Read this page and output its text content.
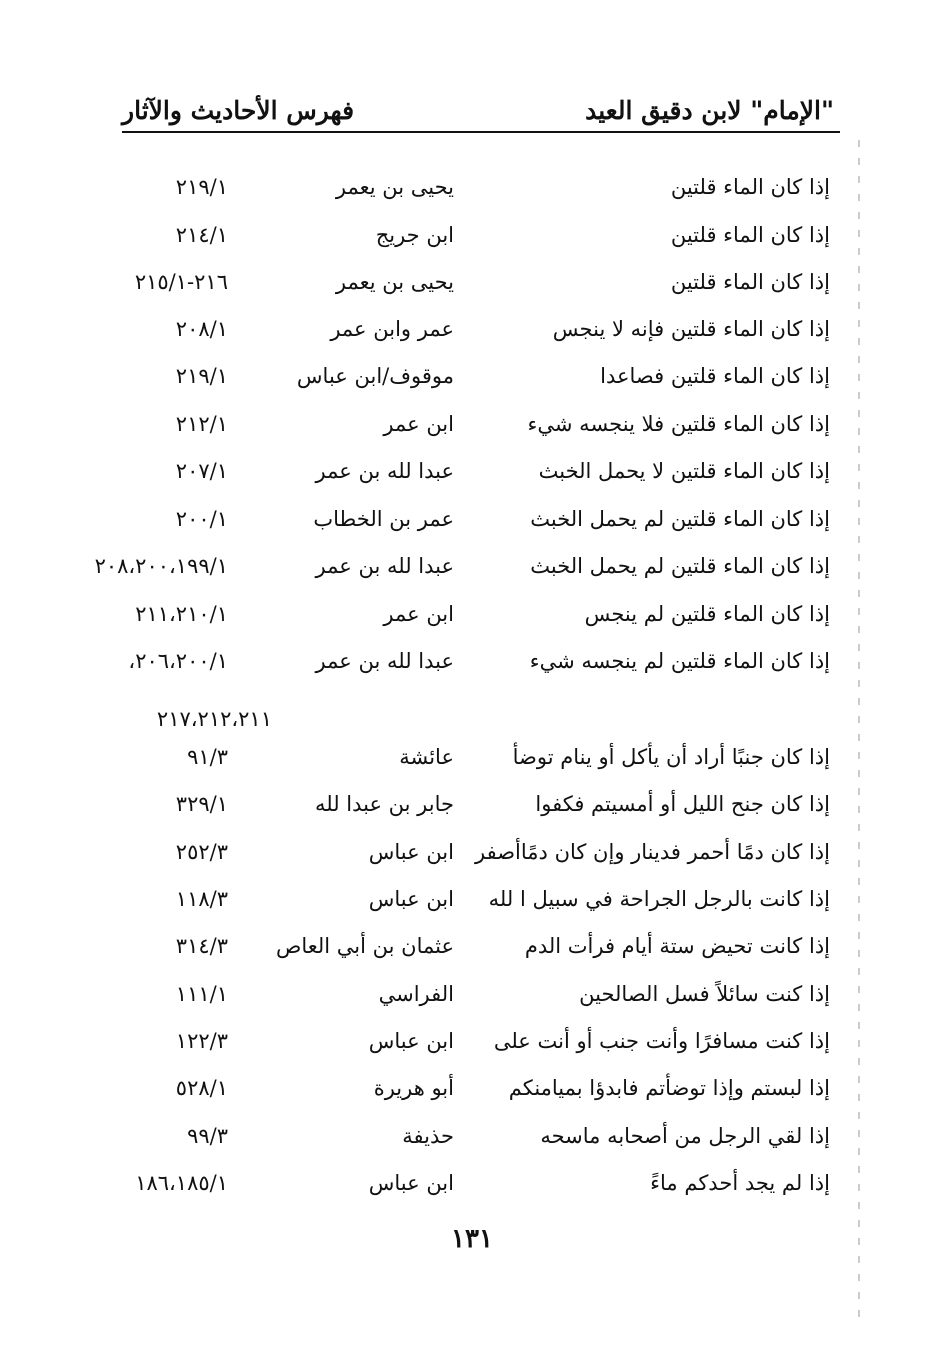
"الإمام" لابن دقيق العيد
فهرس الأحاديث والآثار
إذا كان الماء قلتين
يحيى بن يعمر
٢١٩/١
إذا كان الماء قلتين
ابن جريج
٢١٤/١
إذا كان الماء قلتين
يحيى بن يعمر
٢١٦-٢١٥/١
إذا كان الماء قلتين فإنه لا ينجس
عمر وابن عمر
٢٠٨/١
إذا كان الماء قلتين فصاعدا
موقوف/ابن عباس
٢١٩/١
إذا كان الماء قلتين فلا ينجسه شيء
ابن عمر
٢١٢/١
إذا كان الماء قلتين لا يحمل الخبث
عبدا لله بن عمر
٢٠٧/١
إذا كان الماء قلتين لم يحمل الخبث
عمر بن الخطاب
٢٠٠/١
إذا كان الماء قلتين لم يحمل الخبث
عبدا لله بن عمر
٢٠٨،٢٠٠،١٩٩/١
إذا كان الماء قلتين لم ينجس
ابن عمر
٢١١،٢١٠/١
إذا كان الماء قلتين لم ينجسه شيء
عبدا لله بن عمر
٢٠٦،٢٠٠/١،
٢١٧،٢١٢،٢١١
إذا كان جنبًا أراد أن يأكل أو ينام توضأ
عائشة
٩١/٣
إذا كان جنح الليل أو أمسيتم فكفوا
جابر بن عبدا لله
٣٢٩/١
إذا كان دمًا أحمر فدينار وإن كان دمًاأصفر
ابن عباس
٢٥٢/٣
إذا كانت بالرجل الجراحة في سبيل ا لله
ابن عباس
١١٨/٣
إذا كانت تحيض ستة أيام فرأت الدم
عثمان بن أبي العاص
٣١٤/٣
إذا كنت سائلاً فسل الصالحين
الفراسي
١١١/١
إذا كنت مسافرًا وأنت جنب أو أنت على
ابن عباس
١٢٢/٣
إذا لبستم وإذا توضأتم فابدؤا بميامنكم
أبو هريرة
٥٢٨/١
إذا لقي الرجل من أصحابه ماسحه
حذيفة
٩٩/٣
إذا لم يجد أحدكم ماءً
ابن عباس
١٨٦،١٨٥/١
١٣١
